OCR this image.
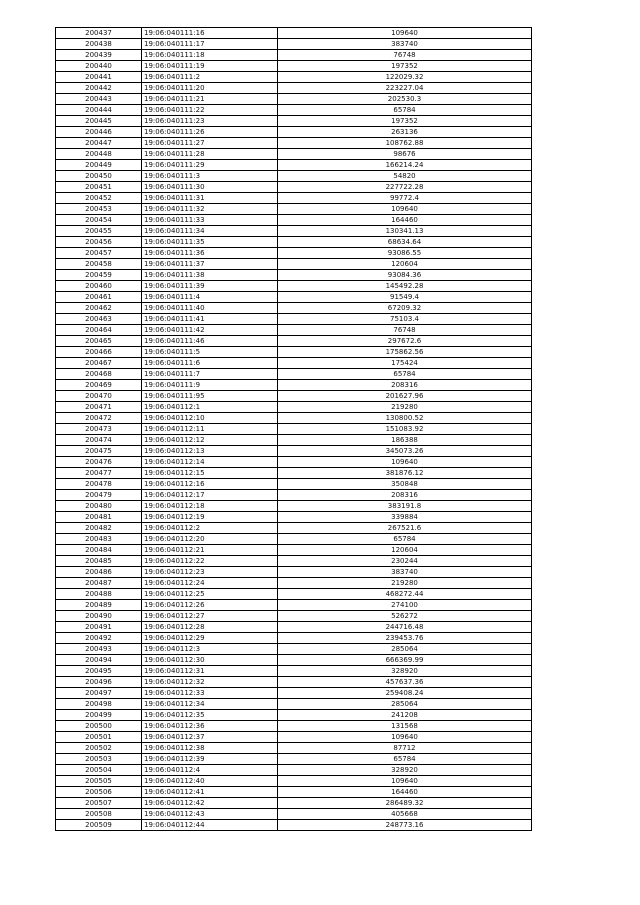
200437	19:06:040111:16	109640
200438	19:06:040111:17	383740
200439	19:06:040111:18	76748
200440	19:06:040111:19	197352
200441	19:06:040111:2	122029.32
200442	19:06:040111:20	223227.04
200443	19:06:040111:21	202530.3
200444	19:06:040111:22	65784
200445	19:06:040111:23	197352
200446	19:06:040111:26	263136
200447	19:06:040111:27	108762.88
200448	19:06:040111:28	98676
200449	19:06:040111:29	166214.24
200450	19:06:040111:3	54820
200451	19:06:040111:30	227722.28
200452	19:06:040111:31	99772.4
200453	19:06:040111:32	109640
200454	19:06:040111:33	164460
200455	19:06:040111:34	130341.13
200456	19:06:040111:35	68634.64
200457	19:06:040111:36	93086.55
200458	19:06:040111:37	120604
200459	19:06:040111:38	93084.36
200460	19:06:040111:39	145492.28
200461	19:06:040111:4	91549.4
200462	19:06:040111:40	67209.32
200463	19:06:040111:41	75103.4
200464	19:06:040111:42	76748
200465	19:06:040111:46	297672.6
200466	19:06:040111:5	175862.56
200467	19:06:040111:6	175424
200468	19:06:040111:7	65784
200469	19:06:040111:9	208316
200470	19:06:040111:95	201627.96
200471	19:06:040112:1	219280
200472	19:06:040112:10	130800.52
200473	19:06:040112:11	151083.92
200474	19:06:040112:12	186388
200475	19:06:040112:13	345073.26
200476	19:06:040112:14	109640
200477	19:06:040112:15	381876.12
200478	19:06:040112:16	350848
200479	19:06:040112:17	208316
200480	19:06:040112:18	383191.8
200481	19:06:040112:19	339884
200482	19:06:040112:2	267521.6
200483	19:06:040112:20	65784
200484	19:06:040112:21	120604
200485	19:06:040112:22	230244
200486	19:06:040112:23	383740
200487	19:06:040112:24	219280
200488	19:06:040112:25	468272.44
200489	19:06:040112:26	274100
200490	19:06:040112:27	526272
200491	19:06:040112:28	244716.48
200492	19:06:040112:29	239453.76
200493	19:06:040112:3	285064
200494	19:06:040112:30	666369.99
200495	19:06:040112:31	328920
200496	19:06:040112:32	457637.36
200497	19:06:040112:33	259408.24
200498	19:06:040112:34	285064
200499	19:06:040112:35	241208
200500	19:06:040112:36	131568
200501	19:06:040112:37	109640
200502	19:06:040112:38	87712
200503	19:06:040112:39	65784
200504	19:06:040112:4	328920
200505	19:06:040112:40	109640
200506	19:06:040112:41	164460
200507	19:06:040112:42	286489.32
200508	19:06:040112:43	405668
200509	19:06:040112:44	248773.16
